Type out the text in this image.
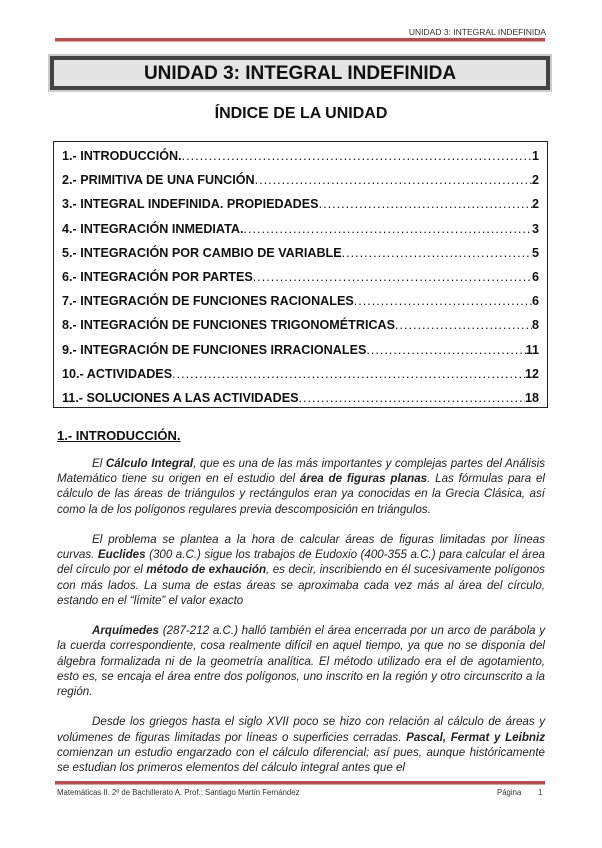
UNIDAD 3: INTEGRAL INDEFINIDA
UNIDAD 3: INTEGRAL INDEFINIDA
ÍNDICE DE LA UNIDAD
1.- INTRODUCCIÓN. .....	1
2.- PRIMITIVA DE UNA FUNCIÓN .....	2
3.- INTEGRAL INDEFINIDA. PROPIEDADES .....	2
4.- INTEGRACIÓN INMEDIATA. .....	3
5.- INTEGRACIÓN POR CAMBIO DE VARIABLE .....	5
6.- INTEGRACIÓN POR PARTES .....	6
7.- INTEGRACIÓN DE FUNCIONES RACIONALES .....	6
8.- INTEGRACIÓN DE FUNCIONES TRIGONOMÉTRICAS .....	8
9.- INTEGRACIÓN DE FUNCIONES IRRACIONALES .....	11
10.- ACTIVIDADES .....	12
11.- SOLUCIONES A LAS ACTIVIDADES .....	18
1.- INTRODUCCIÓN.

El Cálculo Integral, que es una de las más importantes y complejas partes del Análisis Matemático tiene su origen en el estudio del área de figuras planas. Las fórmulas para el cálculo de las áreas de triángulos y rectángulos eran ya conocidas en la Grecia Clásica, así como la de los polígonos regulares previa descomposición en triángulos.

El problema se plantea a la hora de calcular áreas de figuras limitadas por líneas curvas. Euclides (300 a.C.) sigue los trabajos de Eudoxio (400-355 a.C.) para calcular el área del círculo por el método de exhaución, es decir, inscribiendo en él sucesivamente polígonos con más lados. La suma de estas áreas se aproximaba cada vez más al área del círculo, estando en el “límite” el valor exacto

Arquímedes (287-212 a.C.) halló también el área encerrada por un arco de parábola y la cuerda correspondiente, cosa realmente difícil en aquel tiempo, ya que no se disponía del álgebra formalizada ni de la geometría analítica. El método utilizado era el de agotamiento, esto es, se encaja el área entre dos polígonos, uno inscrito en la región y otro circunscrito a la región.

Desde los griegos hasta el siglo XVII poco se hizo con relación al cálculo de áreas y volúmenes de figuras limitadas por líneas o superficies cerradas. Pascal, Fermat y Leibniz comienzan un estudio engarzado con el cálculo diferencial; así pues, aunque históricamente se estudian los primeros elementos del cálculo integral antes que el

Matemáticas II. 2º de Bachillerato A. Prof.: Santiago Martín Fernández	Página 1
